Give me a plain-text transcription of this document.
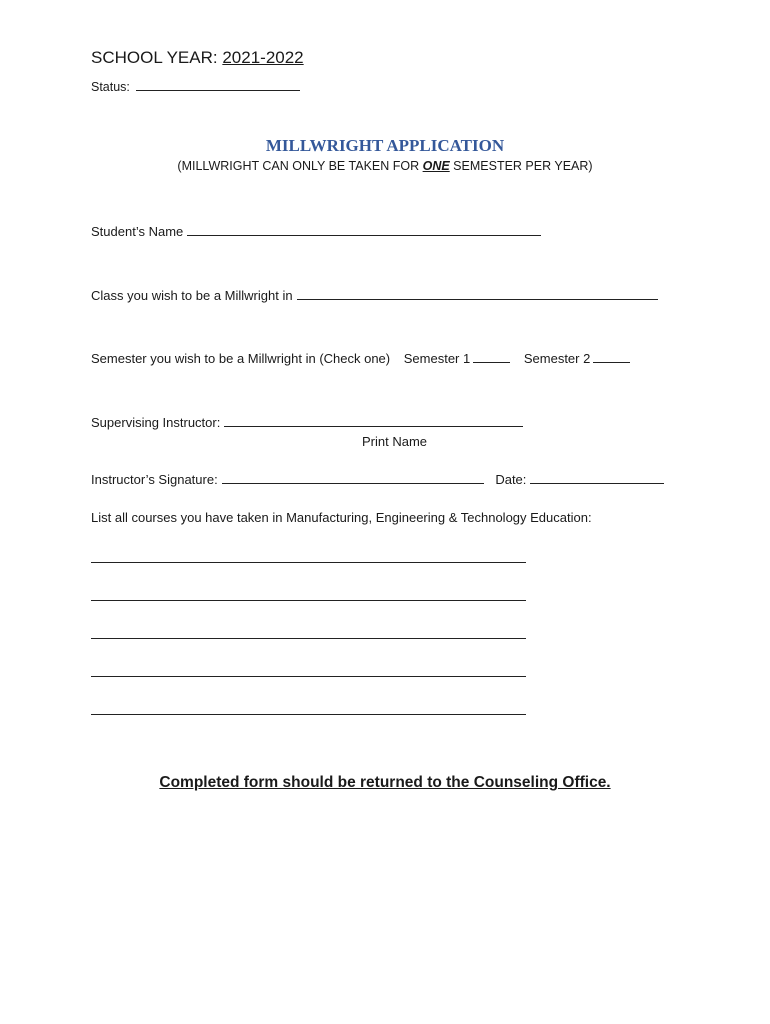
SCHOOL YEAR: 2021-2022
Status:
MILLWRIGHT APPLICATION
(MILLWRIGHT CAN ONLY BE TAKEN FOR ONE SEMESTER PER YEAR)
Student’s Name
Class you wish to be a Millwright in
Semester you wish to be a Millwright in (Check one) Semester 1	Semester 2
Supervising Instructor:
Print Name
Instructor’s Signature:	Date:
List all courses you have taken in Manufacturing, Engineering & Technology Education:
Completed form should be returned to the Counseling Office.
